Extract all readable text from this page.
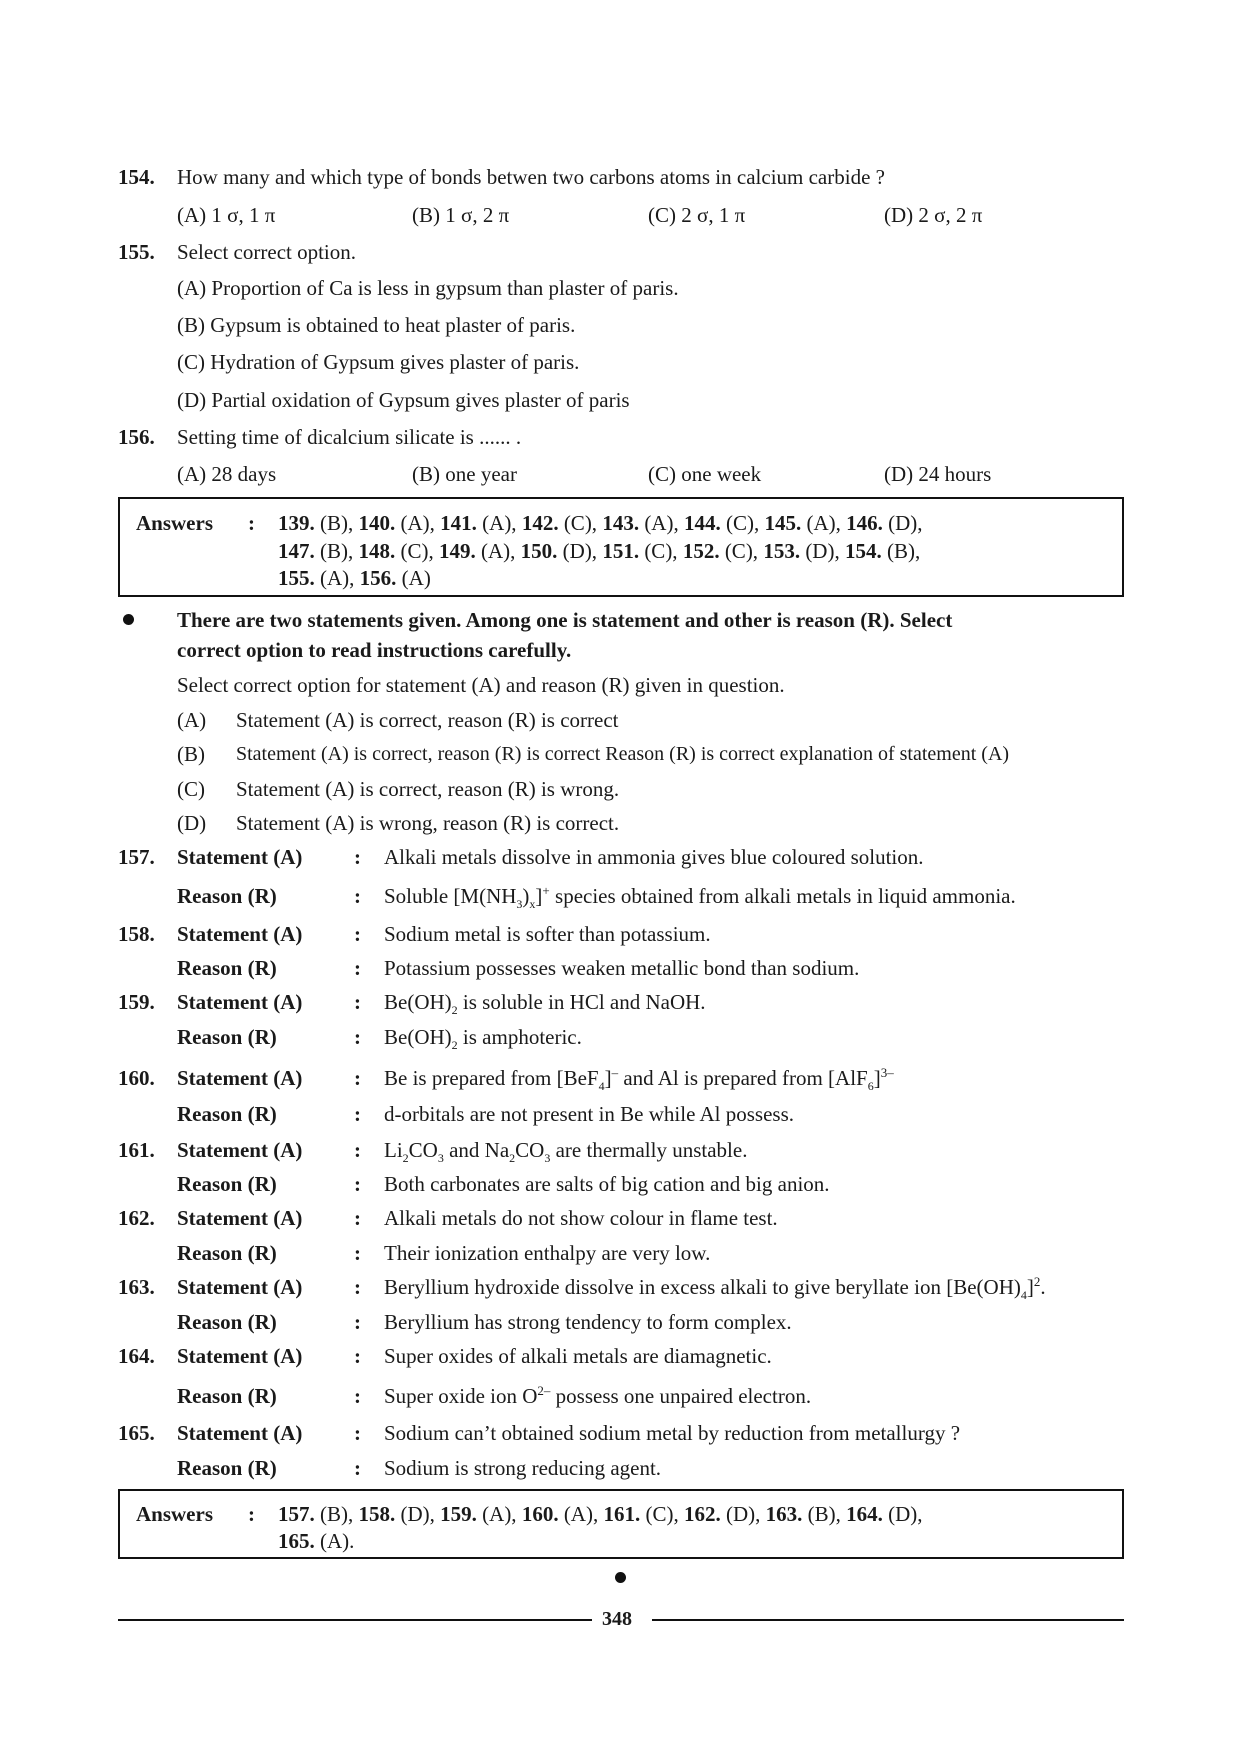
154. How many and which type of bonds betwen two carbons atoms in calcium carbide ?
(A) 1 σ, 1 π	(B) 1 σ, 2 π	(C) 2 σ, 1 π	(D) 2 σ, 2 π
155. Select correct option.
(A) Proportion of Ca is less in gypsum than plaster of paris.
(B) Gypsum is obtained to heat plaster of paris.
(C) Hydration of Gypsum gives plaster of paris.
(D) Partial oxidation of Gypsum gives plaster of paris
156. Setting time of dicalcium silicate is ...... .
(A) 28 days	(B) one year	(C) one week	(D) 24 hours
Answers : 139. (B), 140. (A), 141. (A), 142. (C), 143. (A), 144. (C), 145. (A), 146. (D),
147. (B), 148. (C), 149. (A), 150. (D), 151. (C), 152. (C), 153. (D), 154. (B),
155. (A), 156. (A)
There are two statements given. Among one is statement and other is reason (R). Select
correct option to read instructions carefully.
Select correct option for statement (A) and reason (R) given in question.
(A) Statement (A) is correct, reason (R) is correct
(B) Statement (A) is correct, reason (R) is correct Reason (R) is correct explanation of statement (A)
(C) Statement (A) is correct, reason (R) is wrong.
(D) Statement (A) is wrong, reason (R) is correct.
157. Statement (A) : Alkali metals dissolve in ammonia gives blue coloured solution.
Reason (R)	: Soluble $[M(NH_3)_x]^+$ species obtained from alkali metals in liquid ammonia.
158. Statement (A) : Sodium metal is softer than potassium.
Reason (R)	: Potassium possesses weaken metallic bond than sodium.
159. Statement (A) : $Be(OH)_2$ is soluble in HCl and NaOH.
Reason (R)	: $Be(OH)_2$ is amphoteric.
160. Statement (A) : Be is prepared from [BeF$_4$]– and Al is prepared from $[AlF_6]^{3-}$
Reason (R)	: d-orbitals are not present in Be while Al possess.
161. Statement (A) : $Li_2CO_3$ and $Na_2CO_3$ are thermally unstable.
Reason (R)	: Both carbonates are salts of big cation and big anion.
162. Statement (A) : Alkali metals do not show colour in flame test.
Reason (R)	: Their ionization enthalpy are very low.
163. Statement (A) : Beryllium hydroxide dissolve in excess alkali to give beryllate ion $[Be(OH)_4]^2$.
Reason (R)	: Beryllium has strong tendency to form complex.
164. Statement (A) : Super oxides of alkali metals are diamagnetic.
Reason (R)	: Super oxide ion $O^{2-}$ possess one unpaired electron.
165. Statement (A) : Sodium can’t obtained sodium metal by reduction from metallurgy ?
Reason (R)	: Sodium is strong reducing agent.
Answers : 157. (B), 158. (D), 159. (A), 160. (A), 161. (C), 162. (D), 163. (B), 164. (D),
165. (A).
348
